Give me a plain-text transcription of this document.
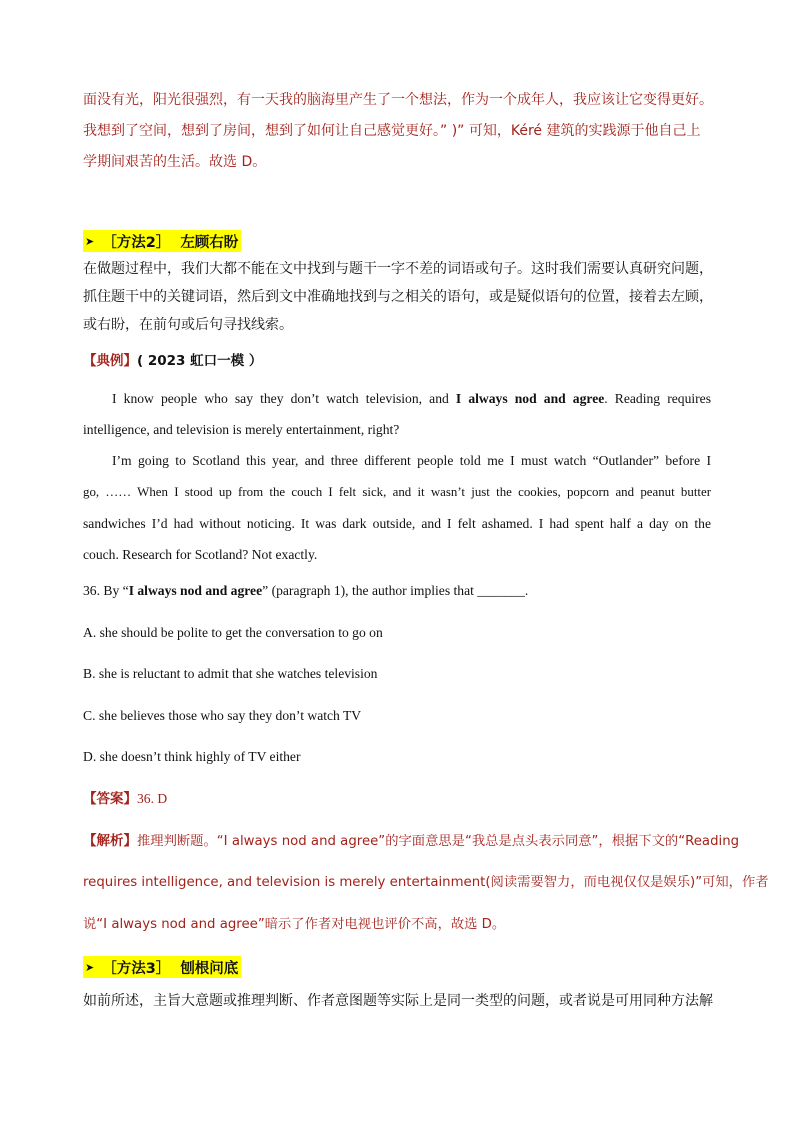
面没有光，阳光很强烈，有一天我的脑海里产生了一个想法，作为一个成年人，我应该让它变得更好。
我想到了空间，想到了房间，想到了如何让自己感觉更好。” )” 可知，Kéré 建筑的实践源于他自己上
学期间艰苦的生活。故选 D。
➤ ［方法 2］ 左顾右盼
在做题过程中，我们大都不能在文中找到与题干一字不差的词语或句子。这时我们需要认真研究问题，
抓住题干中的关键词语，然后到文中准确地找到与之相关的语句，或是疑似语句的位置，接着去左顾，
或右盼，在前句或后句寻找线索。
【典例】( 2023 虹口一模 ）
I know people who say they don’t watch television, and I always nod and agree. Reading requires
intelligence, and television is merely entertainment, right?
I’m going to Scotland this year, and three different people told me I must watch “Outlander” before I
go, …… When I stood up from the couch I felt sick, and it wasn’t just the cookies, popcorn and peanut butter
sandwiches I’d had without noticing. It was dark outside, and I felt ashamed. I had spent half a day on the
couch. Research for Scotland? Not exactly.
36. By “I always nod and agree” (paragraph 1), the author implies that _______.
A. she should be polite to get the conversation to go on
B. she is reluctant to admit that she watches television
C. she believes those who say they don’t watch TV
D. she doesn’t think highly of TV either
【答案】36. D
【解析】推理判断题。“I always nod and agree”的字面意思是“我总是点头表示同意”，根据下文的“Reading
requires intelligence, and television is merely entertainment(阅读需要智力，而电视仅仅是娱乐)”可知，作者
说“I always nod and agree”暗示了作者对电视也评价不高，故选 D。
➤ ［方法 3］ 刨根问底
如前所述，主旨大意题或推理判断、作者意图题等实际上是同一类型的问题，或者说是可用同种方法解
